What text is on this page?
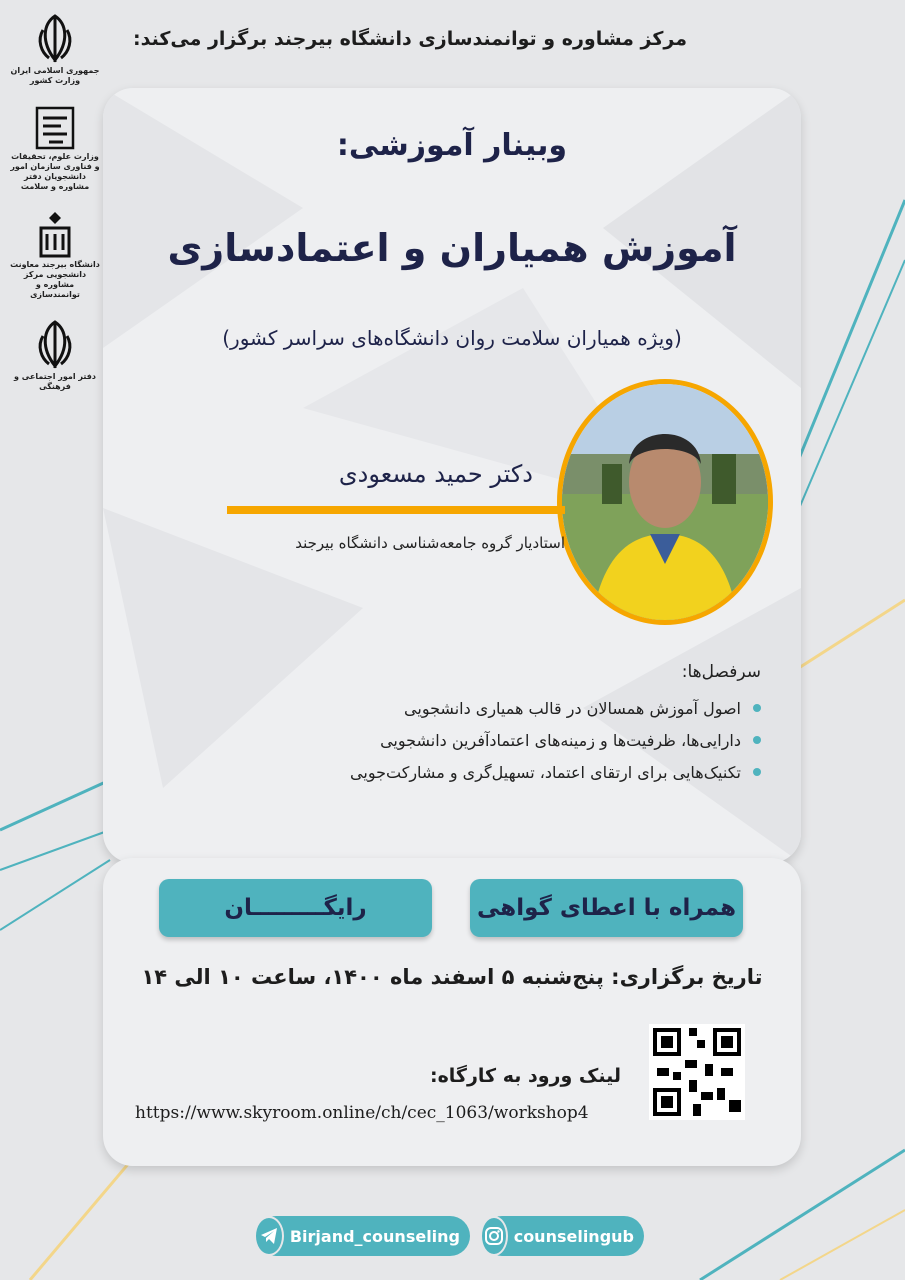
مرکز مشاوره و توانمندسازی دانشگاه بیرجند برگزار می‌کند:
جمهوری اسلامی ایران وزارت کشور
وزارت علوم، تحقیقات و فناوری سازمان امور دانشجویان دفتر مشاوره و سلامت
دانشگاه بیرجند معاونت دانشجویی مرکز مشاوره و توانمندسازی
دفتر امور اجتماعی و فرهنگی
وبینار آموزشی:
آموزش همیاران و اعتمادسازی
(ویژه همیاران سلامت روان دانشگاه‌های سراسر کشور)
دکتر حمید مسعودی
استادیار گروه جامعه‌شناسی دانشگاه بیرجند
سرفصل‌ها:
اصول آموزش همسالان در قالب همیاری دانشجویی
دارایی‌ها، ظرفیت‌ها و زمینه‌های اعتمادآفرین دانشجویی
تکنیک‌هایی برای ارتقای اعتماد، تسهیل‌گری و مشارکت‌جویی
رایگـــــــــان	همراه با اعطای گواهی
تاریخ برگزاری: پنج‌شنبه ۵ اسفند ماه ۱۴۰۰، ساعت ۱۰ الی ۱۴
لینک ورود به کارگاه:
https://www.skyroom.online/ch/cec_1063/workshop4
Birjand_counseling	counselingub
